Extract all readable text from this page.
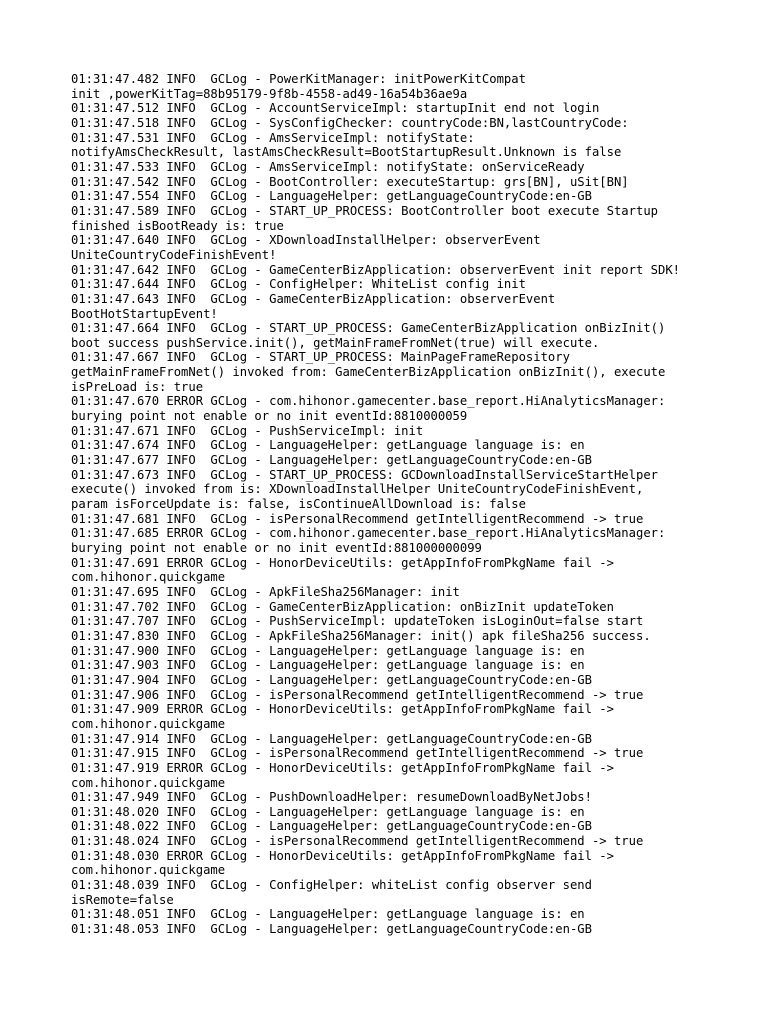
01:31:47.482 INFO  GCLog - PowerKitManager: initPowerKitCompat
init ,powerKitTag=88b95179-9f8b-4558-ad49-16a54b36ae9a
01:31:47.512 INFO  GCLog - AccountServiceImpl: startupInit end not login
01:31:47.518 INFO  GCLog - SysConfigChecker: countryCode:BN,lastCountryCode:
01:31:47.531 INFO  GCLog - AmsServiceImpl: notifyState:
notifyAmsCheckResult, lastAmsCheckResult=BootStartupResult.Unknown is false
01:31:47.533 INFO  GCLog - AmsServiceImpl: notifyState: onServiceReady
01:31:47.542 INFO  GCLog - BootController: executeStartup: grs[BN], uSit[BN]
01:31:47.554 INFO  GCLog - LanguageHelper: getLanguageCountryCode:en-GB
01:31:47.589 INFO  GCLog - START_UP_PROCESS: BootController boot execute Startup
finished isBootReady is: true
01:31:47.640 INFO  GCLog - XDownloadInstallHelper: observerEvent
UniteCountryCodeFinishEvent!
01:31:47.642 INFO  GCLog - GameCenterBizApplication: observerEvent init report SDK!
01:31:47.644 INFO  GCLog - ConfigHelper: WhiteList config init
01:31:47.643 INFO  GCLog - GameCenterBizApplication: observerEvent
BootHotStartupEvent!
01:31:47.664 INFO  GCLog - START_UP_PROCESS: GameCenterBizApplication onBizInit()
boot success pushService.init(), getMainFrameFromNet(true) will execute.
01:31:47.667 INFO  GCLog - START_UP_PROCESS: MainPageFrameRepository
getMainFrameFromNet() invoked from: GameCenterBizApplication onBizInit(), execute
isPreLoad is: true
01:31:47.670 ERROR GCLog - com.hihonor.gamecenter.base_report.HiAnalyticsManager:
burying point not enable or no init eventId:8810000059
01:31:47.671 INFO  GCLog - PushServiceImpl: init
01:31:47.674 INFO  GCLog - LanguageHelper: getLanguage language is: en
01:31:47.677 INFO  GCLog - LanguageHelper: getLanguageCountryCode:en-GB
01:31:47.673 INFO  GCLog - START_UP_PROCESS: GCDownloadInstallServiceStartHelper
execute() invoked from is: XDownloadInstallHelper UniteCountryCodeFinishEvent,
param isForceUpdate is: false, isContinueAllDownload is: false
01:31:47.681 INFO  GCLog - isPersonalRecommend getIntelligentRecommend -> true
01:31:47.685 ERROR GCLog - com.hihonor.gamecenter.base_report.HiAnalyticsManager:
burying point not enable or no init eventId:881000000099
01:31:47.691 ERROR GCLog - HonorDeviceUtils: getAppInfoFromPkgName fail ->
com.hihonor.quickgame
01:31:47.695 INFO  GCLog - ApkFileSha256Manager: init
01:31:47.702 INFO  GCLog - GameCenterBizApplication: onBizInit updateToken
01:31:47.707 INFO  GCLog - PushServiceImpl: updateToken isLoginOut=false start
01:31:47.830 INFO  GCLog - ApkFileSha256Manager: init() apk fileSha256 success.
01:31:47.900 INFO  GCLog - LanguageHelper: getLanguage language is: en
01:31:47.903 INFO  GCLog - LanguageHelper: getLanguage language is: en
01:31:47.904 INFO  GCLog - LanguageHelper: getLanguageCountryCode:en-GB
01:31:47.906 INFO  GCLog - isPersonalRecommend getIntelligentRecommend -> true
01:31:47.909 ERROR GCLog - HonorDeviceUtils: getAppInfoFromPkgName fail ->
com.hihonor.quickgame
01:31:47.914 INFO  GCLog - LanguageHelper: getLanguageCountryCode:en-GB
01:31:47.915 INFO  GCLog - isPersonalRecommend getIntelligentRecommend -> true
01:31:47.919 ERROR GCLog - HonorDeviceUtils: getAppInfoFromPkgName fail ->
com.hihonor.quickgame
01:31:47.949 INFO  GCLog - PushDownloadHelper: resumeDownloadByNetJobs!
01:31:48.020 INFO  GCLog - LanguageHelper: getLanguage language is: en
01:31:48.022 INFO  GCLog - LanguageHelper: getLanguageCountryCode:en-GB
01:31:48.024 INFO  GCLog - isPersonalRecommend getIntelligentRecommend -> true
01:31:48.030 ERROR GCLog - HonorDeviceUtils: getAppInfoFromPkgName fail ->
com.hihonor.quickgame
01:31:48.039 INFO  GCLog - ConfigHelper: whiteList config observer send
isRemote=false
01:31:48.051 INFO  GCLog - LanguageHelper: getLanguage language is: en
01:31:48.053 INFO  GCLog - LanguageHelper: getLanguageCountryCode:en-GB
